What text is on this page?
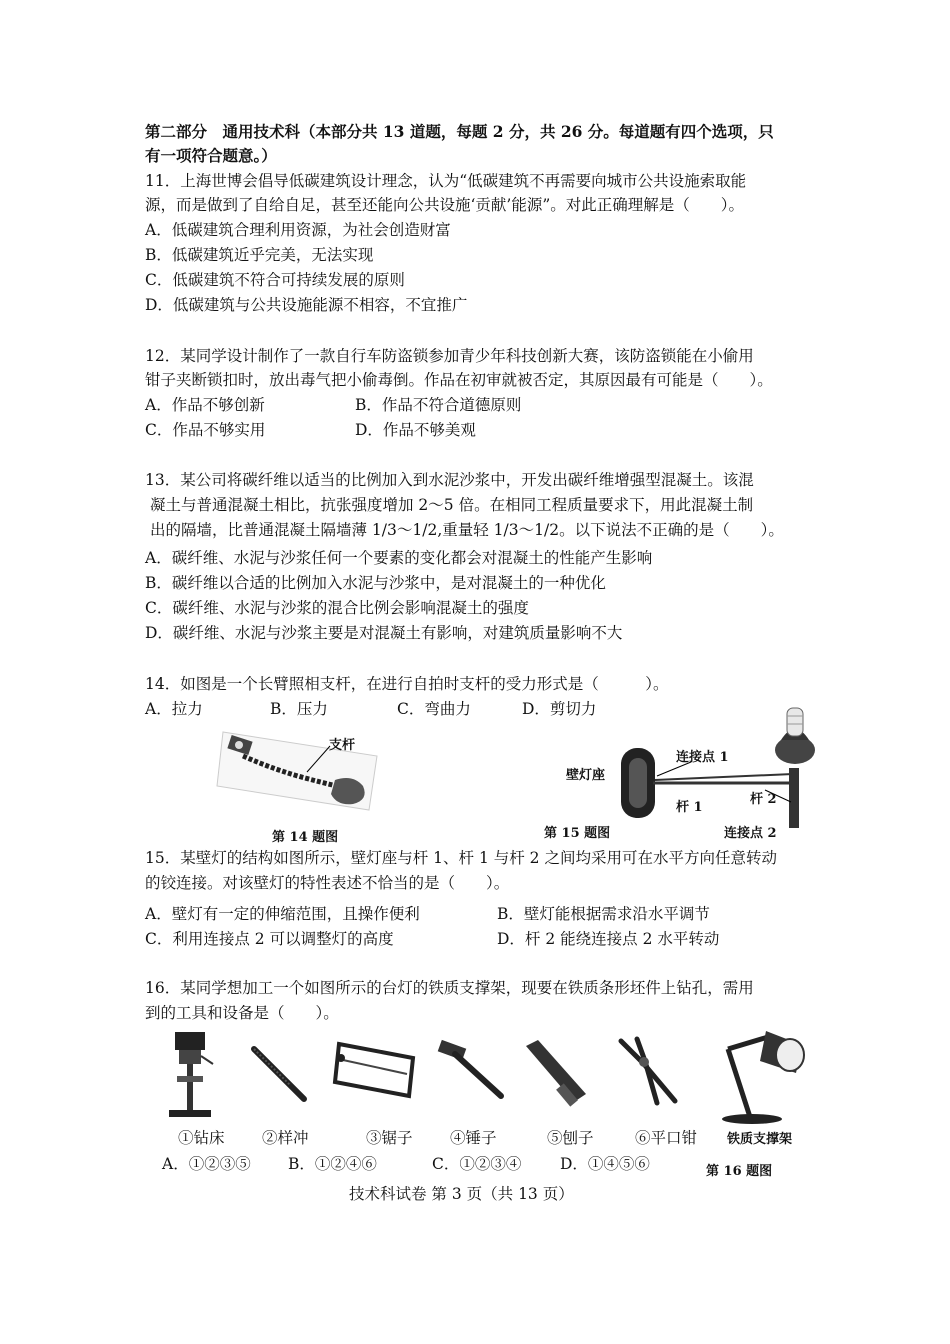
第二部分　通用技术科（本部分共 13 道题，每题 2 分，共 26 分。每道题有四个选项，只
有一项符合题意。）
11．上海世博会倡导低碳建筑设计理念，认为“低碳建筑不再需要向城市公共设施索取能
源，而是做到了自给自足，甚至还能向公共设施‘贡献’能源”。对此正确理解是（　　）。
A．低碳建筑合理利用资源，为社会创造财富
B．低碳建筑近乎完美，无法实现
C．低碳建筑不符合可持续发展的原则
D．低碳建筑与公共设施能源不相容，不宜推广
12．某同学设计制作了一款自行车防盗锁参加青少年科技创新大赛，该防盗锁能在小偷用
钳子夹断锁扣时，放出毒气把小偷毒倒。作品在初审就被否定，其原因最有可能是（　　）。
A．作品不够创新	B．作品不符合道德原则
C．作品不够实用	D．作品不够美观
13．某公司将碳纤维以适当的比例加入到水泥沙浆中，开发出碳纤维增强型混凝土。该混
凝土与普通混凝土相比，抗张强度增加 2～5 倍。在相同工程质量要求下，用此混凝土制
出的隔墙，比普通混凝土隔墙薄 1/3～1/2,重量轻 1/3～1/2。以下说法不正确的是（　　）。
A．碳纤维、水泥与沙浆任何一个要素的变化都会对混凝土的性能产生影响
B．碳纤维以合适的比例加入水泥与沙浆中，是对混凝土的一种优化
C．碳纤维、水泥与沙浆的混合比例会影响混凝土的强度
D．碳纤维、水泥与沙浆主要是对混凝土有影响，对建筑质量影响不大
14．如图是一个长臂照相支杆，在进行自拍时支杆的受力形式是（　　　）。
A．拉力	B．压力	C．弯曲力	D．剪切力
支杆
第 14 题图
壁灯座
连接点 1
杆 1
杆 2
连接点 2
第 15 题图
15．某壁灯的结构如图所示，壁灯座与杆 1、杆 1 与杆 2 之间均采用可在水平方向任意转动
的铰连接。对该壁灯的特性表述不恰当的是（　　）。
A．壁灯有一定的伸缩范围，且操作便利	B．壁灯能根据需求沿水平调节
C．利用连接点 2 可以调整灯的高度	D．杆 2 能绕连接点 2 水平转动
16．某同学想加工一个如图所示的台灯的铁质支撑架，现要在铁质条形坯件上钻孔，需用
到的工具和设备是（　　）。
①钻床 ②样冲	③锯子 ④锤子	⑤刨子	⑥平口钳 铁质支撑架
A．①②③⑤ B．①②④⑥	C．①②③④ D．①④⑤⑥	第 16 题图
技术科试卷 第 3 页（共 13 页）
